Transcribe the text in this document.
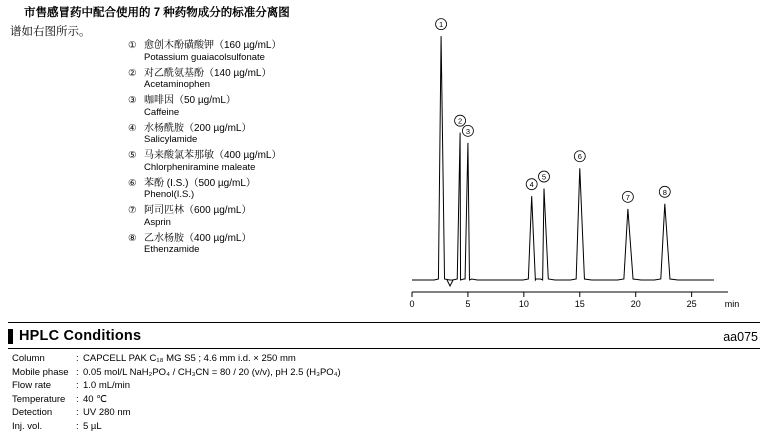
市售感冒药中配合使用的 7 种药物成分的标准分离图
谱如右图所示。
① 愈创木酚磺酸钾（160 µg/mL）
Potassium guaiacolsulfonate
② 对乙酰氨基酚（140 µg/mL）
Acetaminophen
③ 咖啡因（50 µg/mL）
Caffeine
④ 水杨酰胺（200 µg/mL）
Salicylamide
⑤ 马来酸氯苯那敏（400 µg/mL）
Chlorpheniramine maleate
⑥ 苯酚 (I.S.)（500 µg/mL）
Phenol(I.S.)
⑦ 阿司匹林（600 µg/mL）
Asprin
⑧ 乙水杨胺（400 µg/mL）
Ethenzamide
0	5	10	15	20	25	min
1
2
3
4
5
6
7
8
HPLC Conditions	aa075
Column	: CAPCELL PAK C₁₈ MG S5 ; 4.6 mm i.d. × 250 mm
Mobile phase : 0.05 mol/L NaH₂PO₄ / CH₃CN = 80 / 20 (v/v), pH 2.5 (H₃PO₄)
Flow rate	: 1.0 mL/min
Temperature	: 40 ℃
Detection	: UV 280 nm
Inj. vol.	: 5 µL
